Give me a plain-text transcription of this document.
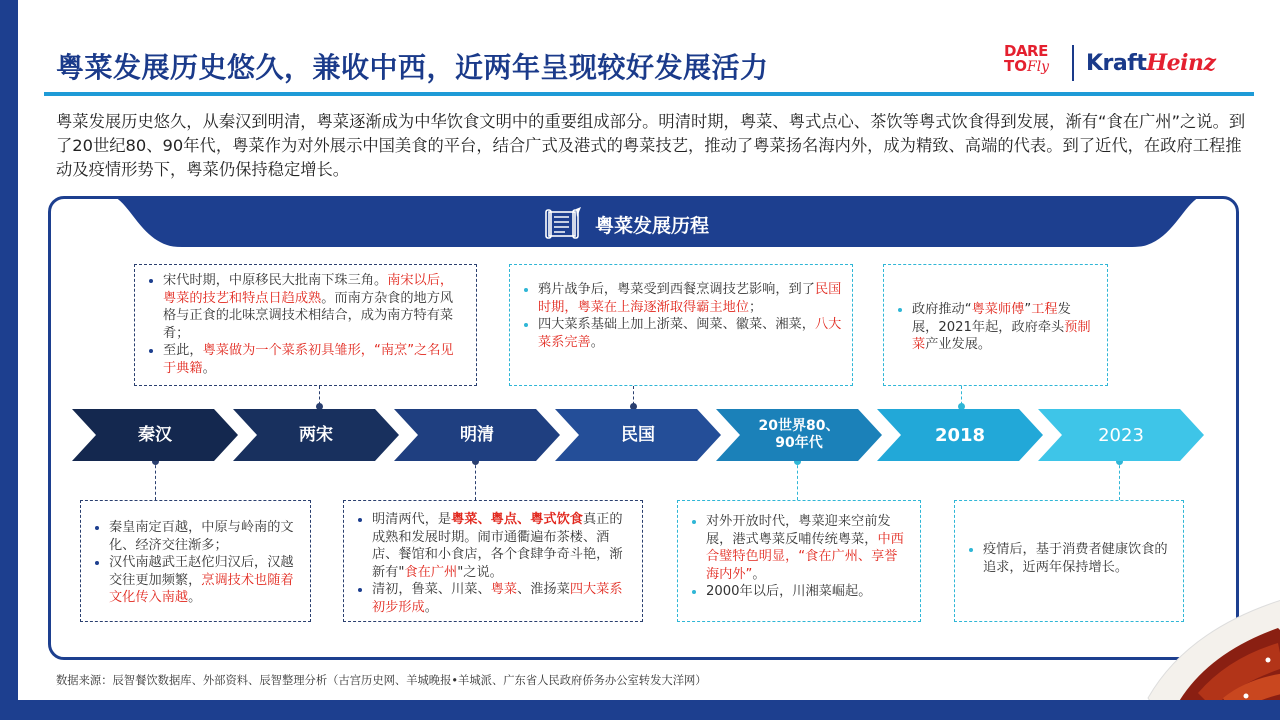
粤菜发展历史悠久，兼收中西，近两年呈现较好发展活力	DARE
TOFly KraftHeinz
粤菜发展历史悠久，从秦汉到明清，粤菜逐渐成为中华饮食文明中的重要组成部分。明清时期，粤菜、粤式点心、茶饮等粤式饮食得到发展，渐有“食在广州”之说。到了20世纪80、90年代，粤菜作为对外展示中国美食的平台，结合广式及港式的粤菜技艺，推动了粤菜扬名海内外，成为精致、高端的代表。到了近代，在政府工程推动及疫情形势下，粤菜仍保持稳定增长。
粤菜发展历程
• 宋代时期，中原移民大批南下珠三角。南宋以后，粤菜的技艺和特点日趋成熟。而南方杂食的地方风格与正食的北味烹调技术相结合，成为南方特有菜肴；
• 至此，粤菜做为一个菜系初具雏形，“南烹”之名见于典籍。
• 鸦片战争后，粤菜受到西餐烹调技艺影响，到了民国时期，粤菜在上海逐渐取得霸主地位；
• 四大菜系基础上加上浙菜、闽菜、徽菜、湘菜，八大菜系完善。
• 政府推动“粤菜师傅”工程发展，2021年起，政府牵头预制菜产业发展。
秦汉	两宋	明清	民国	20世界80、
90年代	2018	2023
• 秦皇南定百越，中原与岭南的文化、经济交往渐多；
• 汉代南越武王赵佗归汉后，汉越交往更加频繁，烹调技术也随着文化传入南越。
• 明清两代，是粤菜、粤点、粤式饮食真正的成熟和发展时期。闹市通衢遍布茶楼、酒店、餐馆和小食店，各个食肆争奇斗艳，渐新有"食在广州"之说。
• 清初，鲁菜、川菜、粤菜、淮扬菜四大菜系初步形成。
• 对外开放时代，粤菜迎来空前发展，港式粤菜反哺传统粤菜，中西合璧特色明显，“食在广州、享誉海内外”。
• 2000年以后，川湘菜崛起。
• 疫情后，基于消费者健康饮食的追求，近两年保持增长。
数据来源：辰智餐饮数据库、外部资料、辰智整理分析（古宫历史网、羊城晚报•羊城派、广东省人民政府侨务办公室转发大洋网）
